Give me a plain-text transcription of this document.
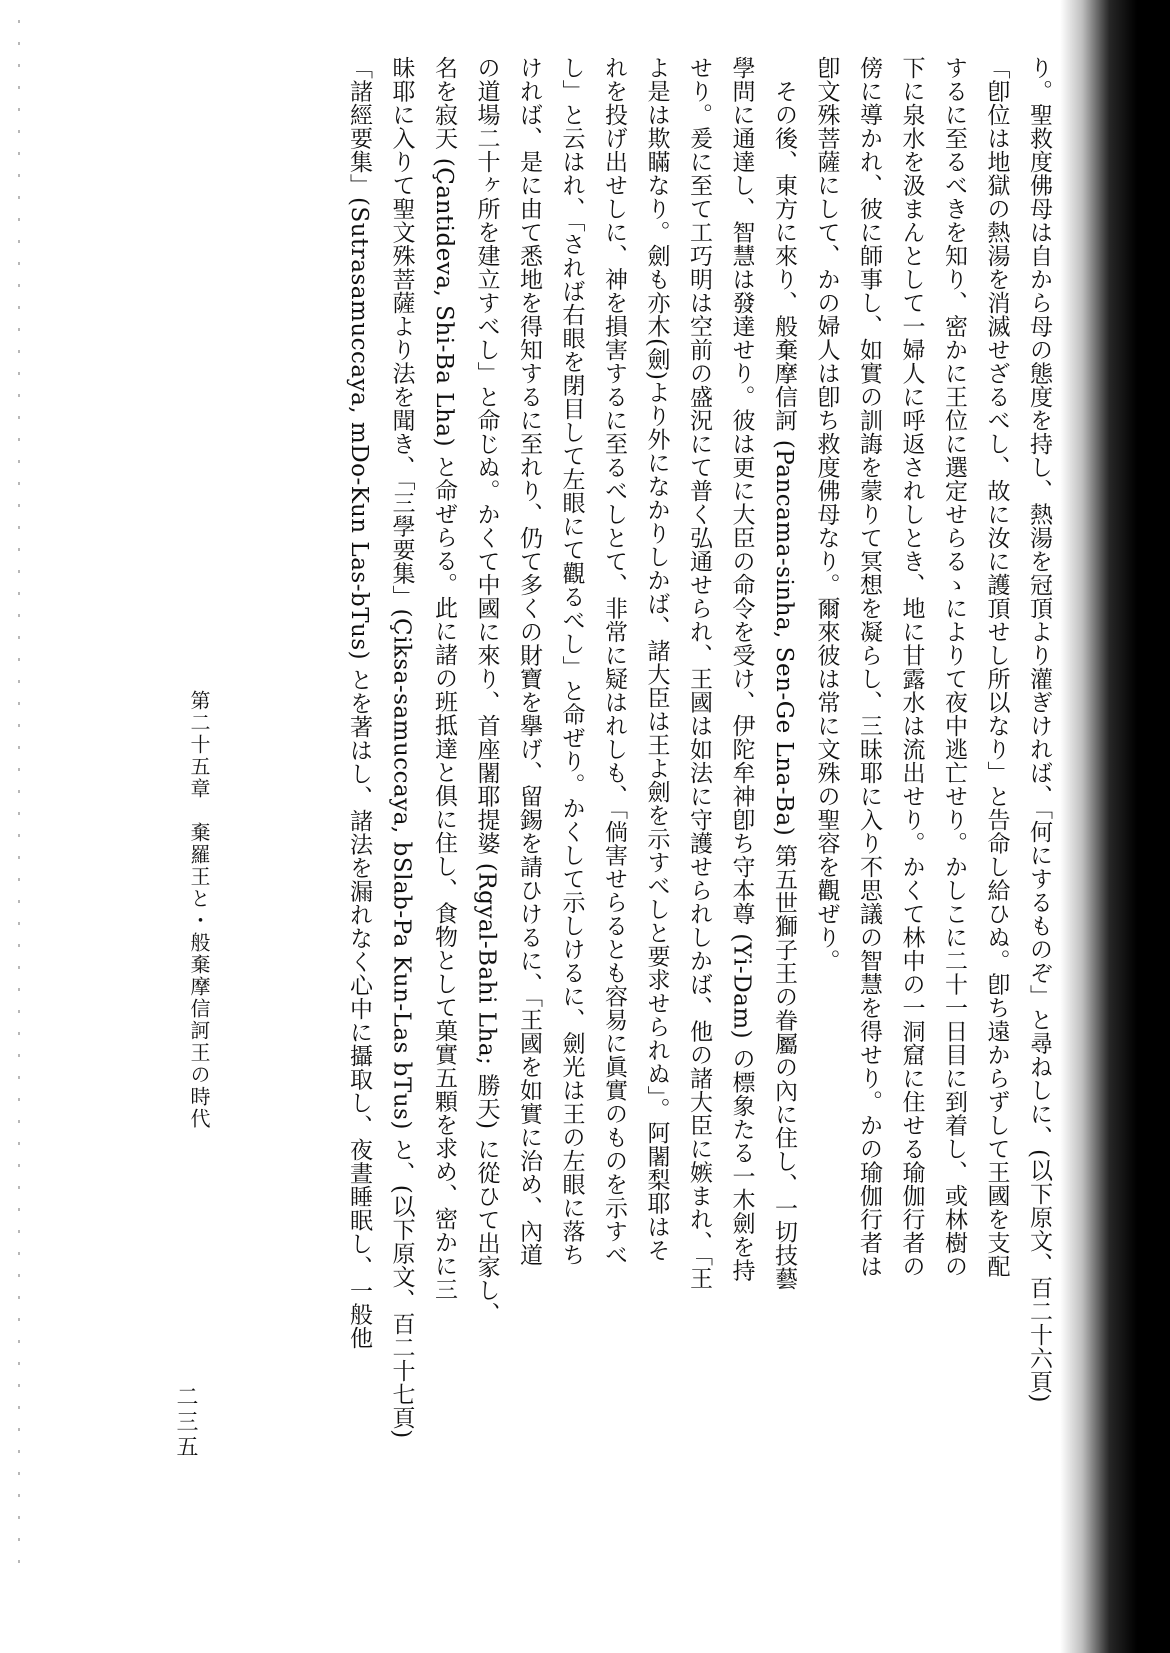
り。聖救度佛母は自から母の態度を持し、熱湯を冠頂より灌ぎければ、「何にするものぞ」と尋ねしに、(以下原文、百二十六頁)
「卽位は地獄の熱湯を消滅せざるべし、故に汝に護頂せし所以なり」と告命し給ひぬ。卽ち遠からずして王國を支配
するに至るべきを知り、密かに王位に選定せらるゝによりて夜中逃亡せり。かしこに二十一日目に到着し、或林樹の
下に泉水を汲まんとして一婦人に呼返されしとき、地に甘露水は流出せり。かくて林中の一洞窟に住せる瑜伽行者の
傍に導かれ、彼に師事し、如實の訓誨を蒙りて冥想を凝らし、三昧耶に入り不思議の智慧を得せり。かの瑜伽行者は
卽文殊菩薩にして、かの婦人は卽ち救度佛母なり。爾來彼は常に文殊の聖容を觀ぜり。
　その後、東方に來り、般棄摩信訶 (Pancama-sinha, Sen-Ge Lna-Ba) 第五世獅子王の眷屬の內に住し、一切技藝
學問に通達し、智慧は發達せり。彼は更に大臣の命令を受け、伊陀牟神卽ち守本尊 (Yi-Dam) の標象たる一木劍を持
せり。爰に至て工巧明は空前の盛況にて普く弘通せられ、王國は如法に守護せられしかば、他の諸大臣に嫉まれ、「王
よ是は欺瞞なり。劍も亦木(劍)より外になかりしかば、諸大臣は王よ劍を示すべしと要求せられぬ」。阿闍梨耶はそ
れを投げ出せしに、神を損害するに至るべしとて、非常に疑はれしも、「倘害せらるとも容易に眞實のものを示すべ
し」と云はれ、「されば右眼を閉目して左眼にて觀るべし」と命ぜり。かくして示しけるに、劍光は王の左眼に落ち
ければ、是に由て悉地を得知するに至れり、仍て多くの財寶を擧げ、留錫を請ひけるに、「王國を如實に治め、內道
の道場二十ヶ所を建立すべし」と命じぬ。かくて中國に來り、首座闍耶提婆 (Rgyal-Bahi Lha; 勝天) に從ひて出家し、
名を寂天 (Çantideva, Shi-Ba Lha) と命ぜらる。此に諸の班抵達と俱に住し、食物として菓實五顆を求め、密かに三
昧耶に入りて聖文殊菩薩より法を聞き、「三學要集」(Çiksa-samuccaya, bSlab-Pa Kun-Las bTus) と、(以下原文、百二十七頁)
「諸經要集」(Sutrasamuccaya, mDo-Kun Las-bTus) とを著はし、諸法を漏れなく心中に攝取し、夜晝睡眠し、一般他
第二十五章　棄羅王と・般棄摩信訶王の時代
二三五
